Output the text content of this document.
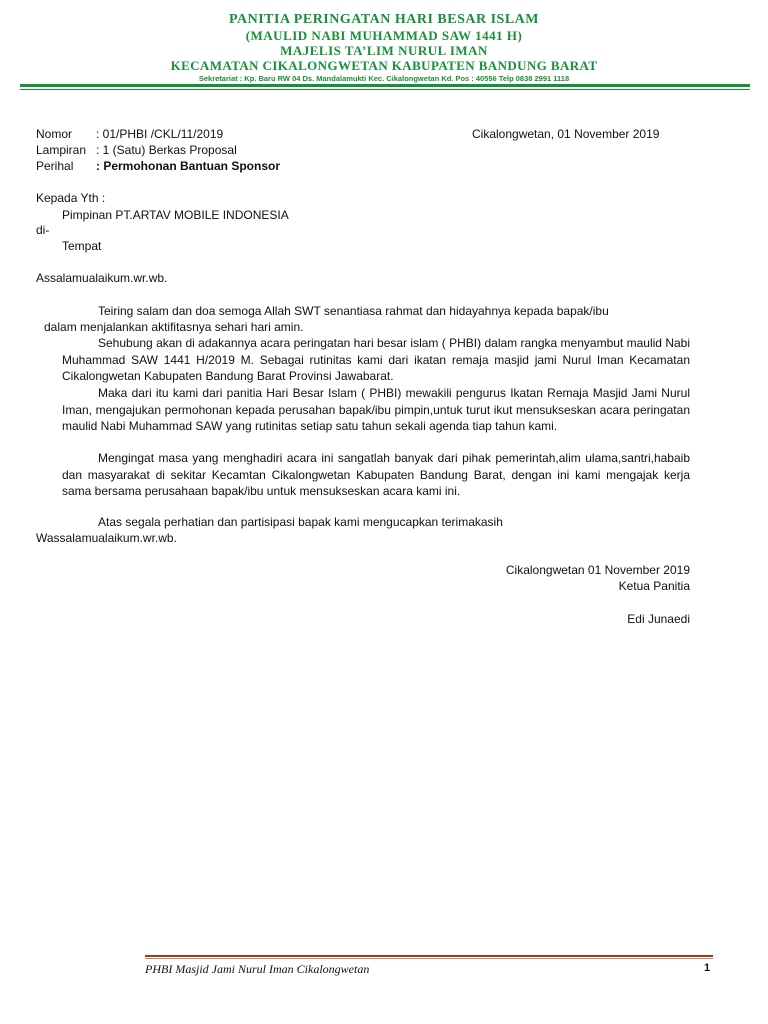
PANITIA PERINGATAN HARI BESAR ISLAM
(MAULID NABI MUHAMMAD SAW 1441 H)
MAJELIS TA’LIM NURUL IMAN
KECAMATAN CIKALONGWETAN KABUPATEN BANDUNG BARAT
Sekretariat : Kp. Baru RW 04 Ds. Mandalamukti Kec. Cikalongwetan Kd. Pos : 40556 Telp 0838 2991 1118
Nomor : 01/PHBI /CKL/11/2019	Cikalongwetan, 01 November 2019
Lampiran : 1 (Satu) Berkas Proposal
Perihal : Permohonan Bantuan Sponsor
Kepada Yth :
Pimpinan PT.ARTAV MOBILE INDONESIA
di-
Tempat
Assalamualaikum.wr.wb.
Teiring salam dan doa semoga Allah SWT senantiasa rahmat dan hidayahnya kepada bapak/ibu
dalam menjalankan aktifitasnya sehari hari amin.
Sehubung akan di adakannya acara peringatan hari besar islam ( PHBI) dalam rangka menyambut maulid Nabi Muhammad SAW 1441 H/2019 M. Sebagai rutinitas kami dari ikatan remaja masjid jami Nurul Iman Kecamatan Cikalongwetan Kabupaten Bandung Barat Provinsi Jawabarat.
Maka dari itu kami dari panitia Hari Besar Islam ( PHBI) mewakili pengurus Ikatan Remaja Masjid Jami Nurul Iman, mengajukan permohonan kepada perusahan bapak/ibu pimpin,untuk turut ikut mensukseskan acara peringatan maulid Nabi Muhammad SAW yang rutinitas setiap satu tahun sekali agenda tiap tahun kami.
Mengingat masa yang menghadiri acara ini sangatlah banyak dari pihak pemerintah,alim ulama,santri,habaib dan masyarakat di sekitar Kecamtan Cikalongwetan Kabupaten Bandung Barat, dengan ini kami mengajak kerja sama bersama perusahaan bapak/ibu untuk mensukseskan acara kami ini.
Atas segala perhatian dan partisipasi bapak kami mengucapkan terimakasih
Wassalamualaikum.wr.wb.
Cikalongwetan 01 November 2019
Ketua Panitia
Edi Junaedi
PHBI Masjid Jami Nurul Iman Cikalongwetan	1
